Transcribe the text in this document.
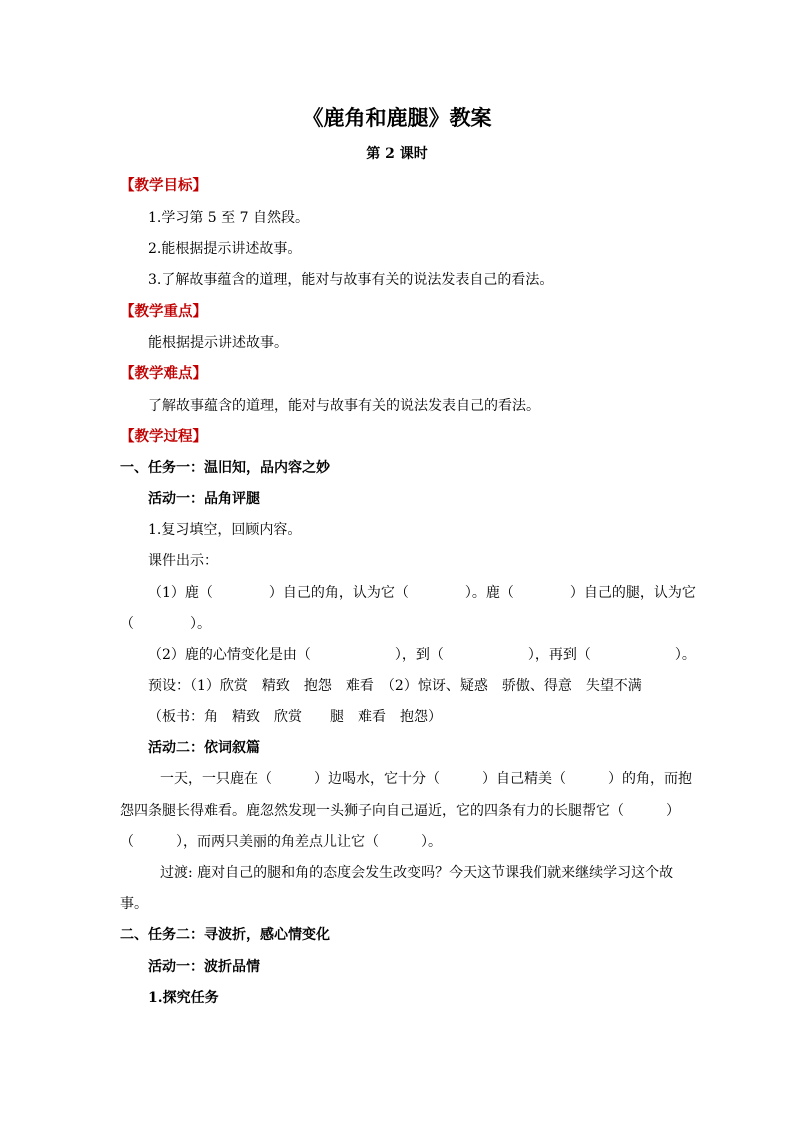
《鹿角和鹿腿》教案
第 2 课时
【教学目标】
1.学习第 5 至 7 自然段。
2.能根据提示讲述故事。
3.了解故事蕴含的道理，能对与故事有关的说法发表自己的看法。
【教学重点】
能根据提示讲述故事。
【教学难点】
了解故事蕴含的道理，能对与故事有关的说法发表自己的看法。
【教学过程】
一、任务一：温旧知，品内容之妙
活动一：品角评腿
1.复习填空，回顾内容。
课件出示：
（1）鹿（　　　　）自己的角，认为它（　　　　）。鹿（　　　　）自己的腿，认为它
（　　　　）。
（2）鹿的心情变化是由（　　　　　　），到（　　　　　　），再到（　　　　　　）。
预设：（1）欣赏　精致　抱怨　难看　（2）惊讶、疑惑　骄傲、得意　失望不满
（板书：角　精致　欣赏　　腿　难看　抱怨）
活动二：依词叙篇
一天，一只鹿在（　　　）边喝水，它十分（　　　）自己精美（　　　）的角，而抱
怨四条腿长得难看。鹿忽然发现一头狮子向自己逼近，它的四条有力的长腿帮它（　　　）
（　　　），而两只美丽的角差点儿让它（　　　）。
过渡: 鹿对自己的腿和角的态度会发生改变吗？今天这节课我们就来继续学习这个故
事。
二、任务二：寻波折，感心情变化
活动一：波折品情
1.探究任务
